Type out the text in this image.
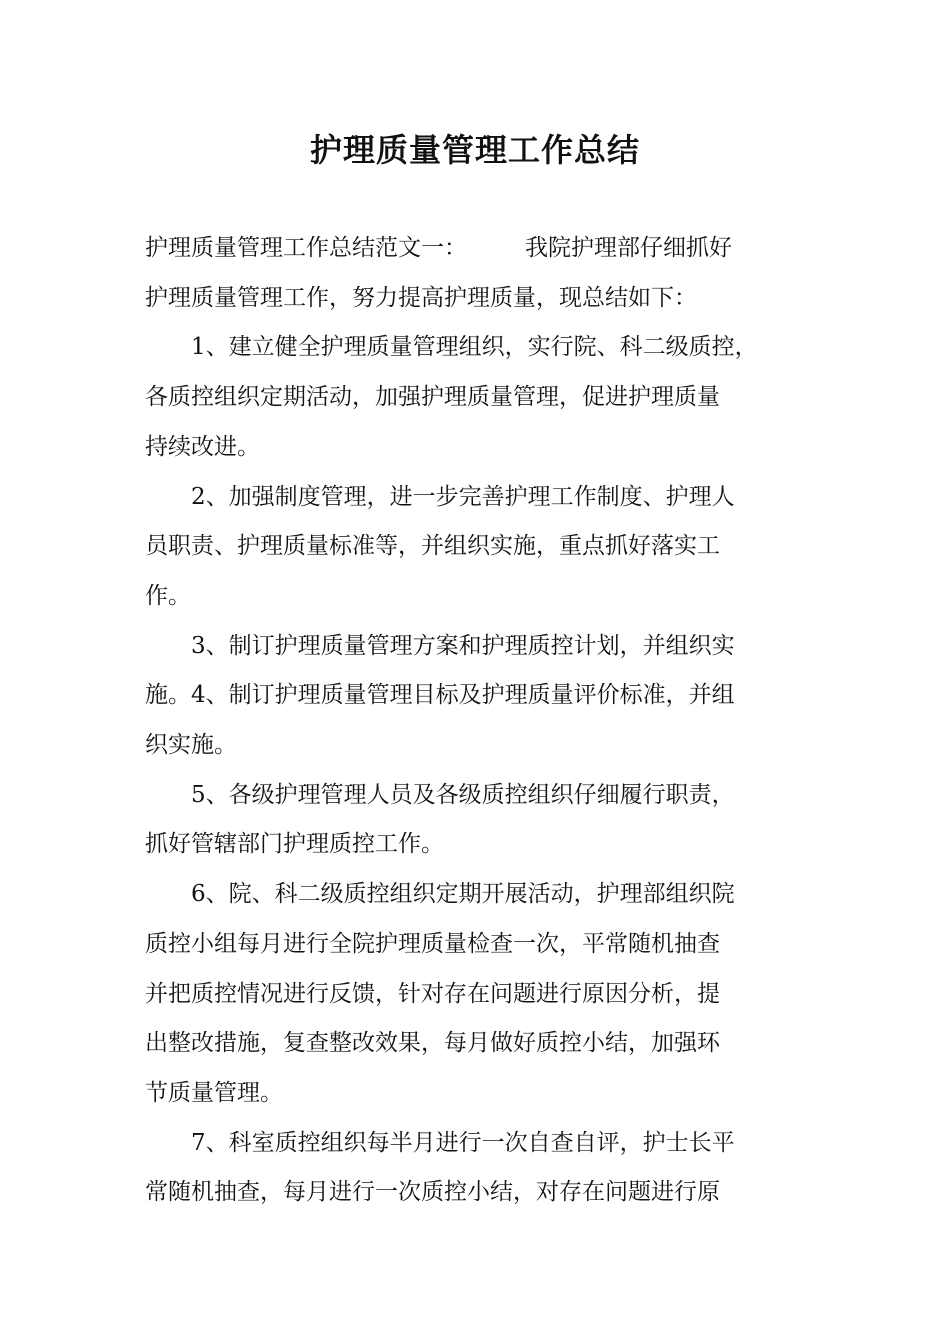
护理质量管理工作总结
护理质量管理工作总结范文一：	我院护理部仔细抓好
护理质量管理工作，努力提高护理质量，现总结如下：
1、建立健全护理质量管理组织，实行院、科二级质控，
各质控组织定期活动，加强护理质量管理，促进护理质量
持续改进。
2、加强制度管理，进一步完善护理工作制度、护理人
员职责、护理质量标准等，并组织实施，重点抓好落实工
作。
3、制订护理质量管理方案和护理质控计划，并组织实
施。4、制订护理质量管理目标及护理质量评价标准，并组
织实施。
5、各级护理管理人员及各级质控组织仔细履行职责，
抓好管辖部门护理质控工作。
6、院、科二级质控组织定期开展活动，护理部组织院
质控小组每月进行全院护理质量检查一次，平常随机抽查
并把质控情况进行反馈，针对存在问题进行原因分析，提
出整改措施，复查整改效果，每月做好质控小结，加强环
节质量管理。
7、科室质控组织每半月进行一次自查自评，护士长平
常随机抽查，每月进行一次质控小结，对存在问题进行原
